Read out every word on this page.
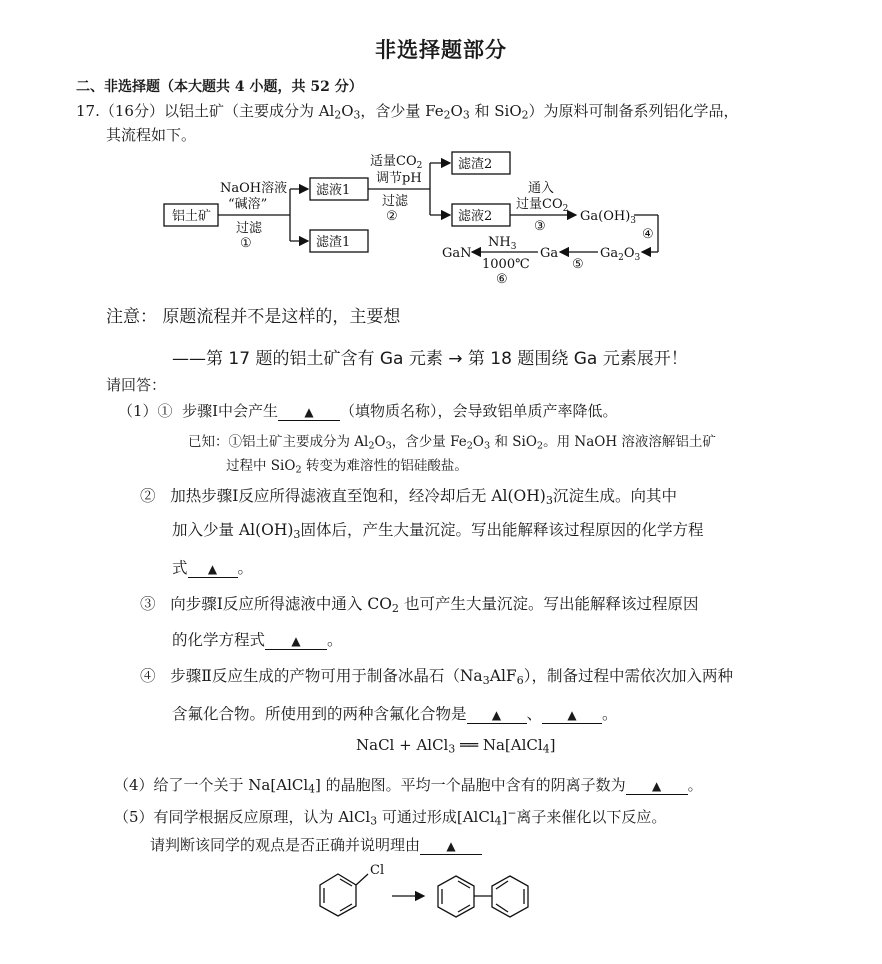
非选择题部分
二、非选择题（本大题共 4 小题，共 52 分）
17.（16分）以铝土矿（主要成分为 $Al_2O_3$，含少量 $Fe_2O_3$ 和 SiO$_2$）为原料可制备系列铝化学品，
其流程如下。
铝土矿
NaOH溶液
“碱溶”
过滤
①
滤液1
滤渣1
适量$CO_2$
调节pH
过滤
②
滤渣2
滤液2
通入
过量$CO_2$
③
$Ga(OH)_3$
④
$Ga_2O_3$
⑤
Ga
$NH_3$
1000℃
⑥
GaN
注意： 原题流程并不是这样的，主要想
——第 17 题的铝土矿含有 Ga 元素 → 第 18 题围绕 Ga 元素展开！
请回答：
（1）① 步骤Ⅰ中会产生 ▲ （填物质名称），会导致铝单质产率降低。
已知：①铝土矿主要成分为 $Al_2O_3$，含少量 $Fe_2O_3$ 和 SiO$_2$。用 NaOH 溶液溶解铝土矿
过程中 SiO$_2$ 转变为难溶性的铝硅酸盐。
② 加热步骤Ⅰ反应所得滤液直至饱和，经冷却后无 $Al(OH)_3$沉淀生成。向其中
加入少量 $Al(OH)_3$固体后，产生大量沉淀。写出能解释该过程原因的化学方程
式 ▲ 。
③ 向步骤Ⅰ反应所得滤液中通入 $CO_2$ 也可产生大量沉淀。写出能解释该过程原因
的化学方程式 ▲ 。
④ 步骤Ⅱ反应生成的产物可用于制备冰晶石$(Na_3AlF_6)$，制备过程中需依次加入两种
含氟化合物。所使用到的两种含氟化合物是 ▲ 、 ▲ 。
NaCl + AlCl$_3$ ══ Na[AlCl$_4$]
（4）给了一个关于 Na[AlCl$_4$] 的晶胞图。平均一个晶胞中含有的阴离子数为 ▲ 。
（5）有同学根据反应原理，认为 AlCl$_3$ 可通过形成[AlCl$_4$]−离子来催化以下反应。
请判断该同学的观点是否正确并说明理由 ▲
Cl
